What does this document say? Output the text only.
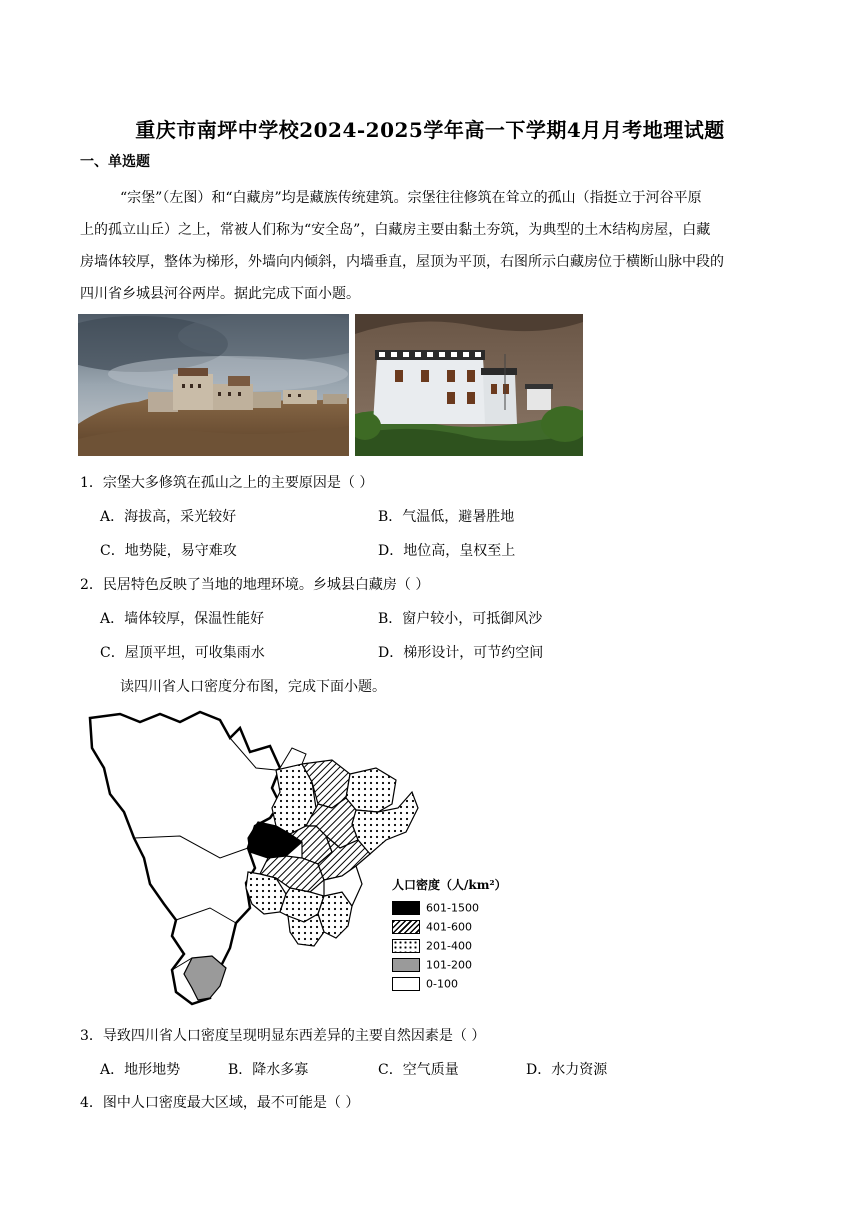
重庆市南坪中学校2024-2025学年高一下学期4月月考地理试题
一、单选题
“宗堡”（左图）和“白藏房”均是藏族传统建筑。宗堡往往修筑在耸立的孤山（指挺立于河谷平原
上的孤立山丘）之上，常被人们称为“安全岛”，白藏房主要由黏土夯筑，为典型的土木结构房屋，白藏
房墙体较厚，整体为梯形，外墙向内倾斜，内墙垂直，屋顶为平顶，右图所示白藏房位于横断山脉中段的
四川省乡城县河谷两岸。据此完成下面小题。
1．宗堡大多修筑在孤山之上的主要原因是（ ）
A．海拔高，采光较好	B．气温低，避暑胜地
C．地势陡，易守难攻	D．地位高，皇权至上
2．民居特色反映了当地的地理环境。乡城县白藏房（ ）
A．墙体较厚，保温性能好	B．窗户较小，可抵御风沙
C．屋顶平坦，可收集雨水	D．梯形设计，可节约空间
读四川省人口密度分布图，完成下面小题。
人口密度（人/km²）
601-1500
401-600
201-400
101-200
0-100
3．导致四川省人口密度呈现明显东西差异的主要自然因素是（ ）
A．地形地势	B．降水多寡	C．空气质量	D．水力资源
4．图中人口密度最大区域，最不可能是（ ）
